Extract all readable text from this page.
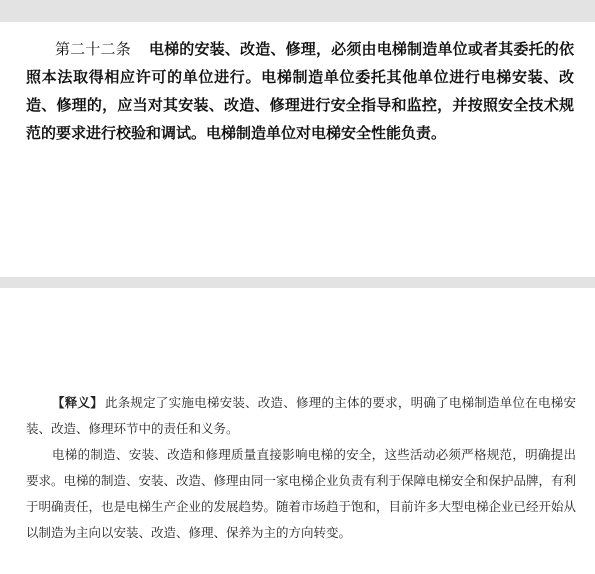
第二十二条 电梯的安装、改造、修理，必须由电梯制造单位或者其委托的依照本法取得相应许可的单位进行。电梯制造单位委托其他单位进行电梯安装、改造、修理的，应当对其安装、改造、修理进行安全指导和监控，并按照安全技术规范的要求进行校验和调试。电梯制造单位对电梯安全性能负责。

【释义】 此条规定了实施电梯安装、改造、修理的主体的要求，明确了电梯制造单位在电梯安装、改造、修理环节中的责任和义务。

电梯的制造、安装、改造和修理质量直接影响电梯的安全，这些活动必须严格规范，明确提出要求。电梯的制造、安装、改造、修理由同一家电梯企业负责有利于保障电梯安全和保护品牌，有利于明确责任，也是电梯生产企业的发展趋势。随着市场趋于饱和，目前许多大型电梯企业已经开始从以制造为主向以安装、改造、修理、保养为主的方向转变。
